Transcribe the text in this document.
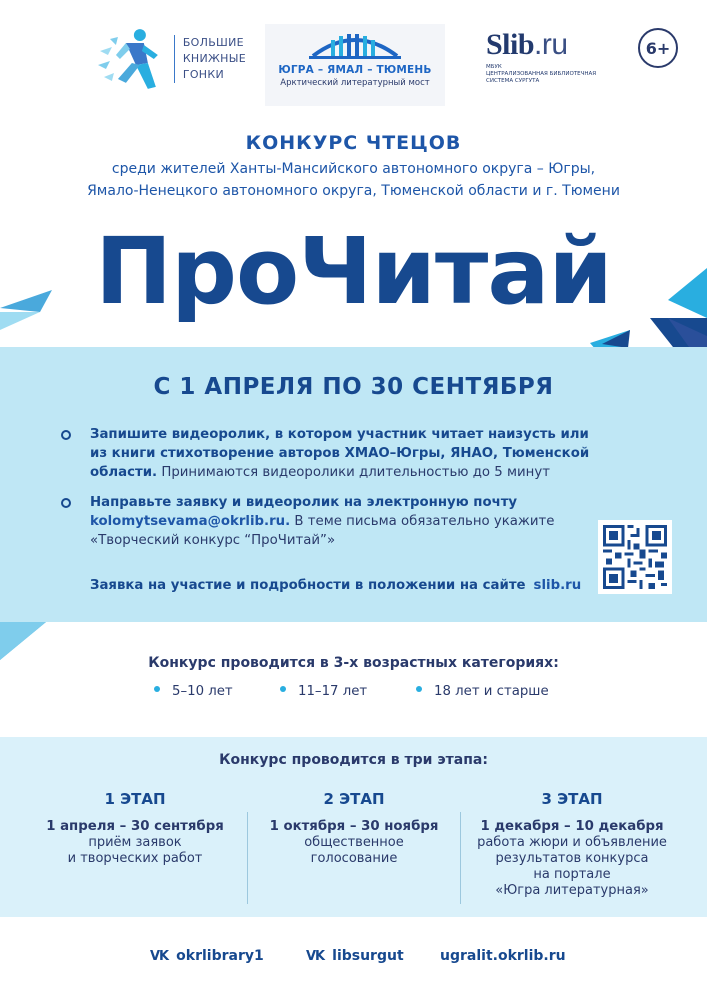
БОЛЬШИЕ
КНИЖНЫЕ
ГОНКИ	ЮГРА – ЯМАЛ – ТЮМЕНЬ
Арктический литературный мост
Slib.ru
МБУК
ЦЕНТРАЛИЗОВАННАЯ БИБЛИОТЕЧНАЯ
СИСТЕМА СУРГУТА
6+
КОНКУРС ЧТЕЦОВ
среди жителей Ханты-Мансийского автономного округа – Югры,
Ямало-Ненецкого автономного округа, Тюменской области и г. Тюмени
ПроЧитай
С 1 АПРЕЛЯ ПО 30 СЕНТЯБРЯ
Запишите видеоролик, в котором участник читает наизусть или из книги стихотворение авторов ХМАО–Югры, ЯНАО, Тюменской области. Принимаются видеоролики длительностью до 5 минут
Направьте заявку и видеоролик на электронную почту
kolomytsevama@okrlib.ru. В теме письма обязательно укажите «Творческий конкурс “ПроЧитай”»
Заявка на участие и подробности в положении на сайте slib.ru
Конкурс проводится в 3-х возрастных категориях:
5–10 лет	11–17 лет	18 лет и старше
Конкурс проводится в три этапа:
1 ЭТАП
1 апреля – 30 сентября
приём заявок
и творческих работ
2 ЭТАП
1 октября – 30 ноября
общественное
голосование
3 ЭТАП
1 декабря – 10 декабря
работа жюри и объявление
результатов конкурса
на портале
«Югра литературная»
VK okrlibrary1	VK libsurgut	ugralit.okrlib.ru
